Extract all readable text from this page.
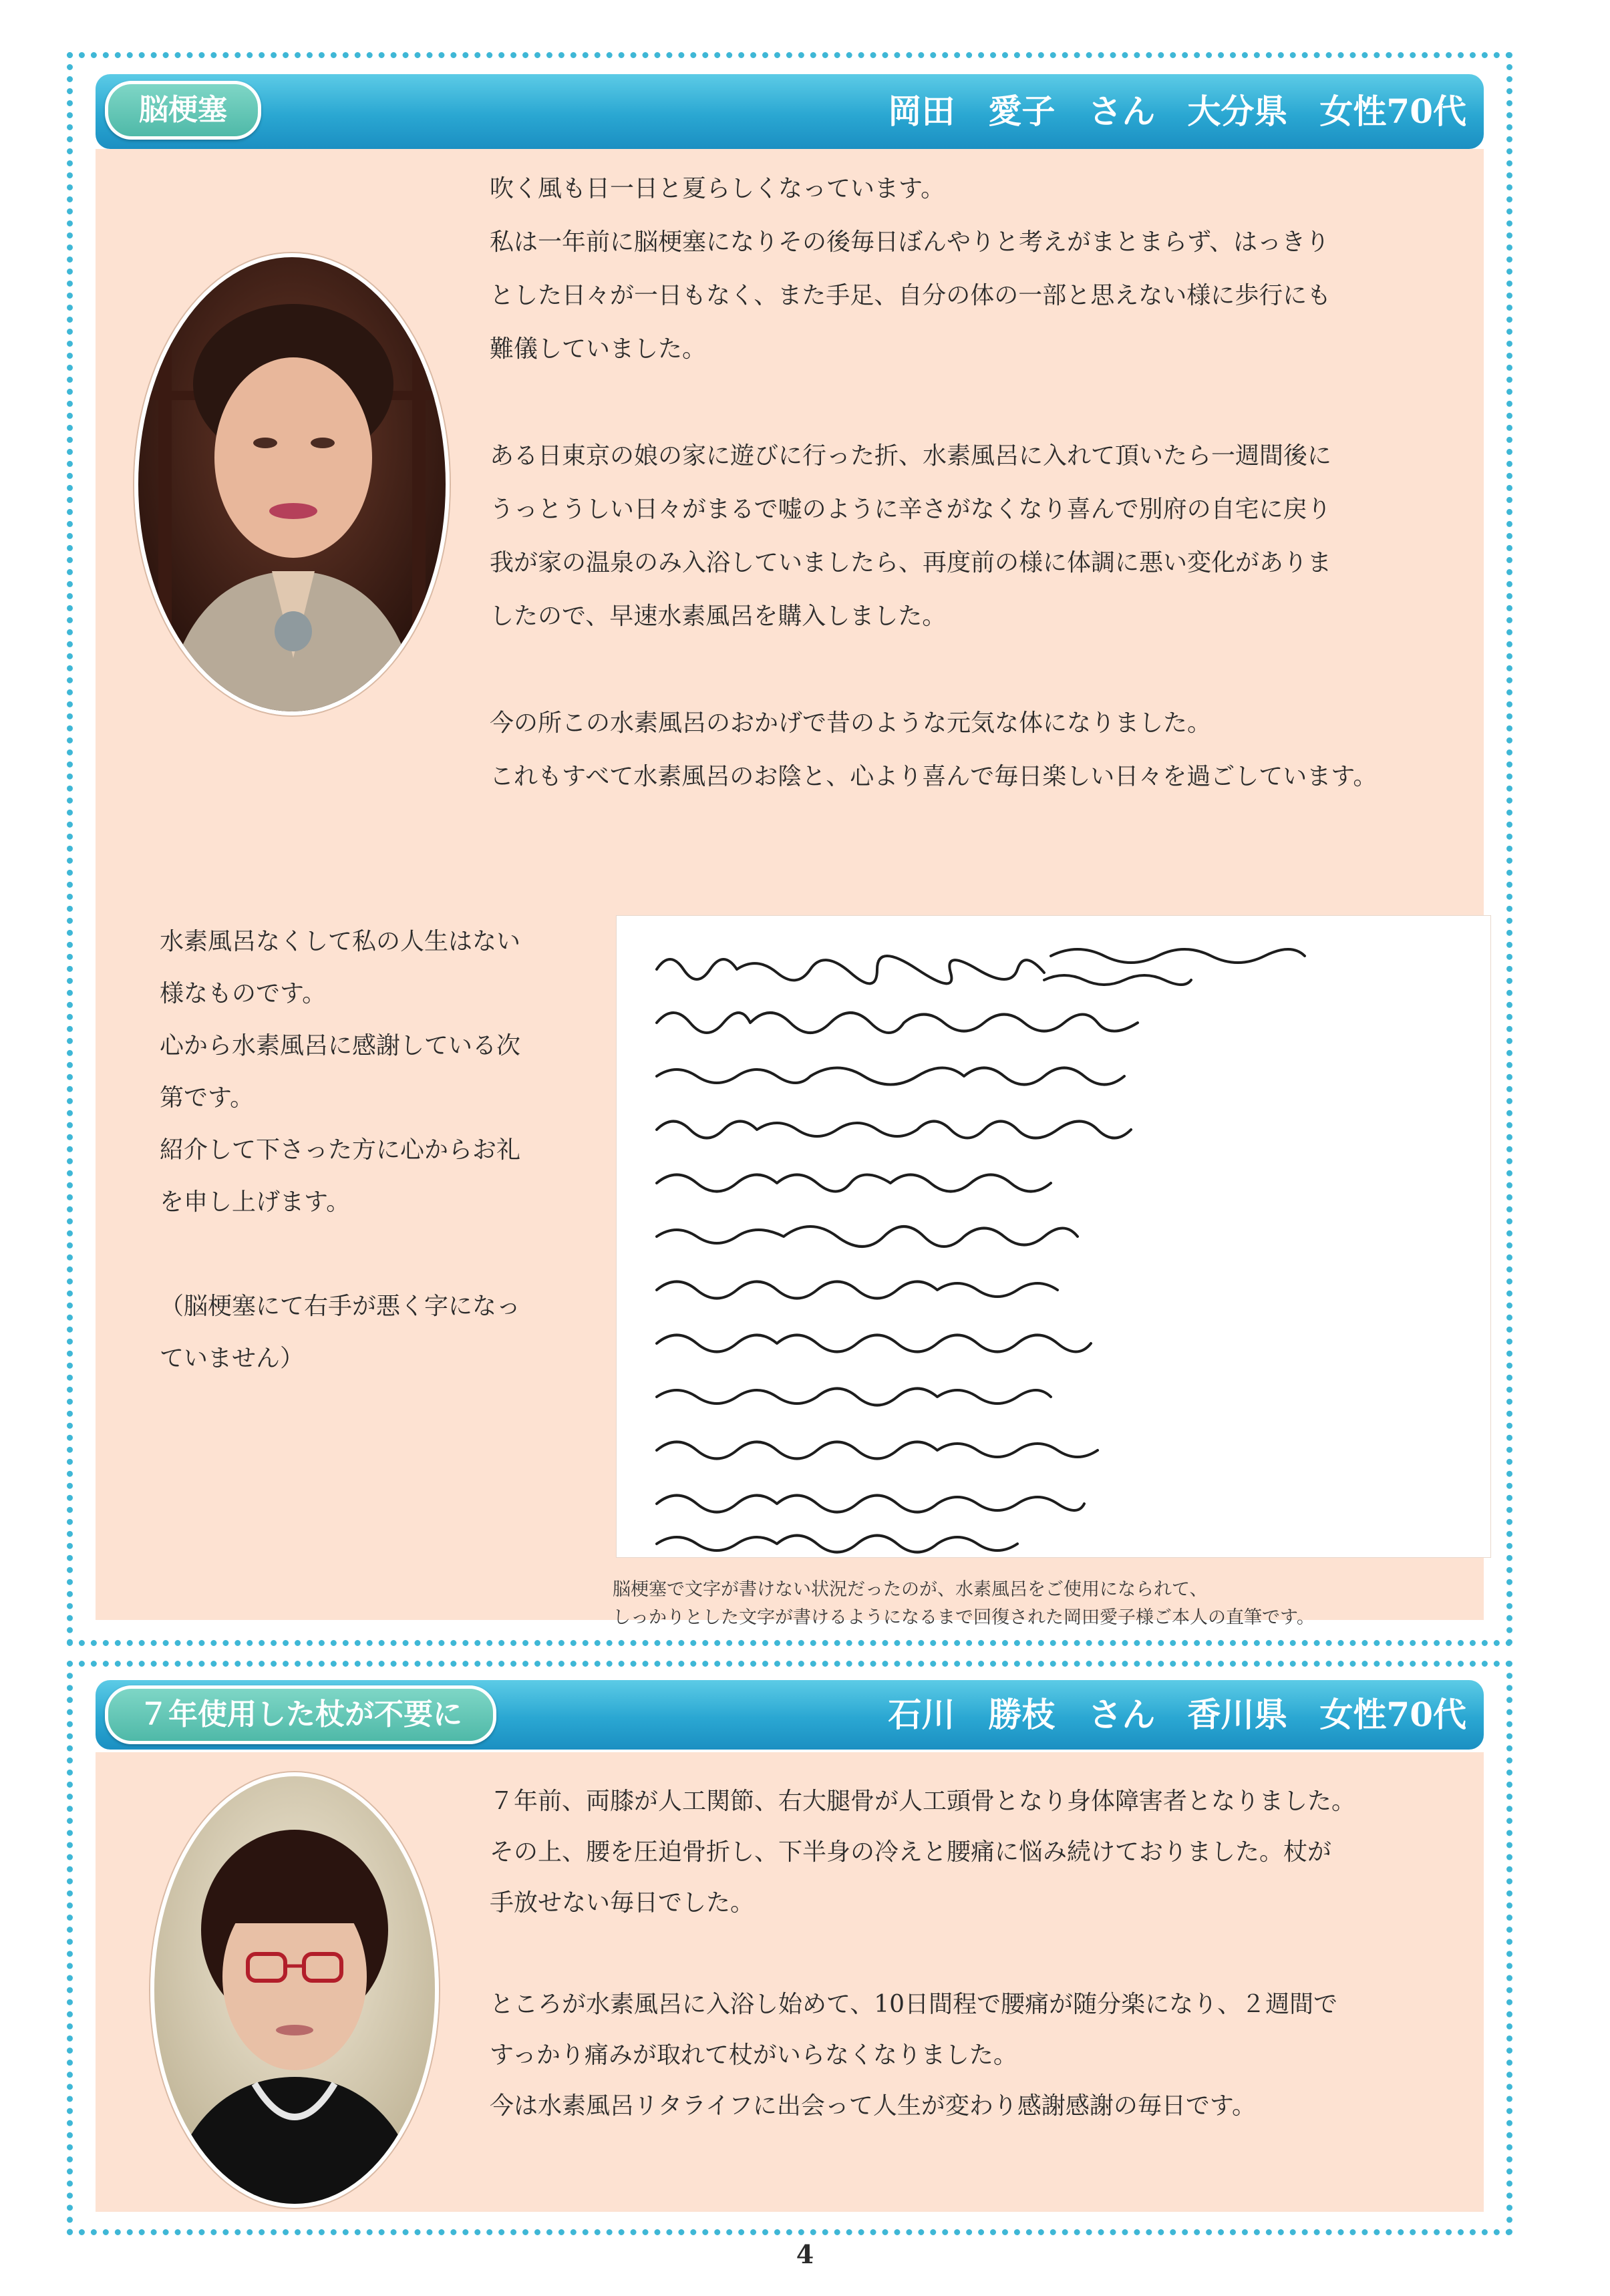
脳梗塞	岡田　愛子　さん 大分県 女性70代

吹く風も日一日と夏らしくなっています。
私は一年前に脳梗塞になりその後毎日ぼんやりと考えがまとまらず、はっきり
とした日々が一日もなく、また手足、自分の体の一部と思えない様に歩行にも
難儀していました。

ある日東京の娘の家に遊びに行った折、水素風呂に入れて頂いたら一週間後に
うっとうしい日々がまるで嘘のように辛さがなくなり喜んで別府の自宅に戻り
我が家の温泉のみ入浴していましたら、再度前の様に体調に悪い変化がありま
したので、早速水素風呂を購入しました。

今の所この水素風呂のおかげで昔のような元気な体になりました。
これもすべて水素風呂のお陰と、心より喜んで毎日楽しい日々を過ごしています。

水素風呂なくして私の人生はない
様なものです。
心から水素風呂に感謝している次
第です。
紹介して下さった方に心からお礼
を申し上げます。

（脳梗塞にて右手が悪く字になっ
ていません）

脳梗塞で文字が書けない状況だったのが、水素風呂をご使用になられて、
しっかりとした文字が書けるようになるまで回復された岡田愛子様ご本人の直筆です。
７年使用した杖が不要に	石川　勝枝　さん 香川県 女性70代

７年前、両膝が人工関節、右大腿骨が人工頭骨となり身体障害者となりました。
その上、腰を圧迫骨折し、下半身の冷えと腰痛に悩み続けておりました。杖が
手放せない毎日でした。

ところが水素風呂に入浴し始めて、10日間程で腰痛が随分楽になり、２週間で
すっかり痛みが取れて杖がいらなくなりました。
今は水素風呂リタライフに出会って人生が変わり感謝感謝の毎日です。

4
